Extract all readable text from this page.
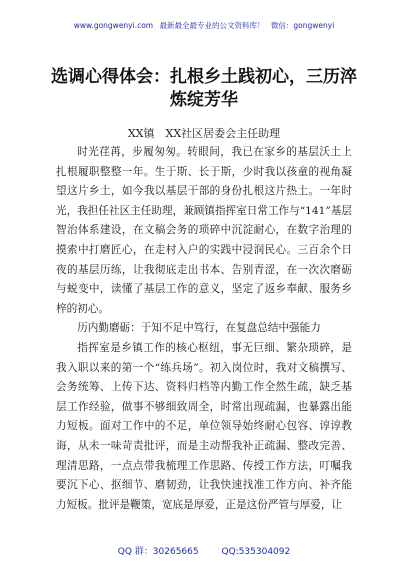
www.gongwenyi.com 最新最全最专业的公文资料库！ 微信：gongwenyi
选调心得体会：扎根乡土践初心，三历淬炼绽芳华
XX镇　XX社区居委会主任助理

时光荏苒，步履匆匆。转眼间，我已在家乡的基层沃土上扎根履职整整一年。生于斯、长于斯，少时我以孩童的视角凝望这片乡土，如今我以基层干部的身份扎根这片热土。一年时光，我担任社区主任助理，兼顾镇指挥室日常工作与“141”基层智治体系建设，在文稿会务的琐碎中沉淀耐心，在数字治理的摸索中打磨匠心，在走村入户的实践中浸润民心。三百余个日夜的基层历练，让我彻底走出书本、告别青涩，在一次次磨砺与蜕变中，读懂了基层工作的意义，坚定了返乡奉献、服务乡梓的初心。

历内勤磨砺：于知不足中笃行，在复盘总结中强能力

指挥室是乡镇工作的核心枢纽，事无巨细、繁杂琐碎，是我入职以来的第一个“练兵场”。初入岗位时，我对文稿撰写、会务统筹、上传下达、资料归档等内勤工作全然生疏，缺乏基层工作经验，做事不够细致周全，时常出现疏漏，也暴露出能力短板。面对工作中的不足，单位领导始终耐心包容、谆谆教诲，从未一味苛责批评，而是主动帮我补正疏漏、整改完善、理清思路，一点点带我梳理工作思路、传授工作方法，叮嘱我要沉下心、抠细节、磨韧劲，让我快速找准工作方向、补齐能力短板。批评是鞭策，宽底是厚爱，正是这份严管与厚爱，让

QQ 群：30265665	QQ:535304092
